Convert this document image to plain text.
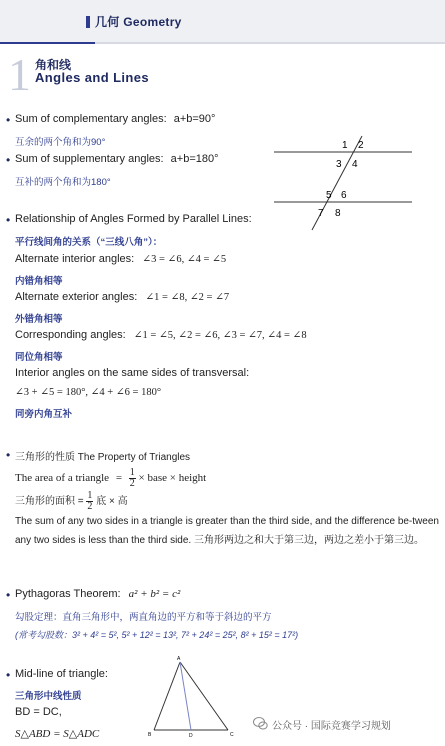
几何 Geometry
1 角和线
Angles and Lines
• Sum of complementary angles: a+b=90°
互余的两个角和为90°
• Sum of supplementary angles: a+b=180°
互补的两个角和为180°
1 2
3 4
5 6
7 8
• Relationship of Angles Formed by Parallel Lines:
平行线间角的关系（“三线八角”）：
Alternate interior angles: ∠3 = ∠6, ∠4 = ∠5
内错角相等
Alternate exterior angles: ∠1 = ∠8, ∠2 = ∠7
外错角相等
Corresponding angles: ∠1 = ∠5, ∠2 = ∠6, ∠3 = ∠7, ∠4 = ∠8
同位角相等
Interior angles on the same sides of transversal:
∠3 + ∠5 = 180°, ∠4 + ∠6 = 180°
同旁内角互补
• 三角形的性质 The Property of Triangles
The area of a triangle = $\frac{1}{2}$ × base × height
三角形的面积 = $\frac{1}{2}$ 底 × 高
The sum of any two sides in a triangle is greater than the third side, and the difference be-tween any two sides is less than the third side. 三角形两边之和大于第三边，两边之差小于第三边。
• Pythagoras Theorem: a² + b² = c²
勾股定理：直角三角形中，两直角边的平方和等于斜边的平方
(常考勾股数：3² + 4² = 5², 5² + 12² = 13², 7² + 24² = 25², 8² + 15² = 17²)
• Mid-line of triangle:
三角形中线性质
BD = DC,
S△ABD = S△ADC
A
B	D	C
公众号 · 国际竞赛学习规划
